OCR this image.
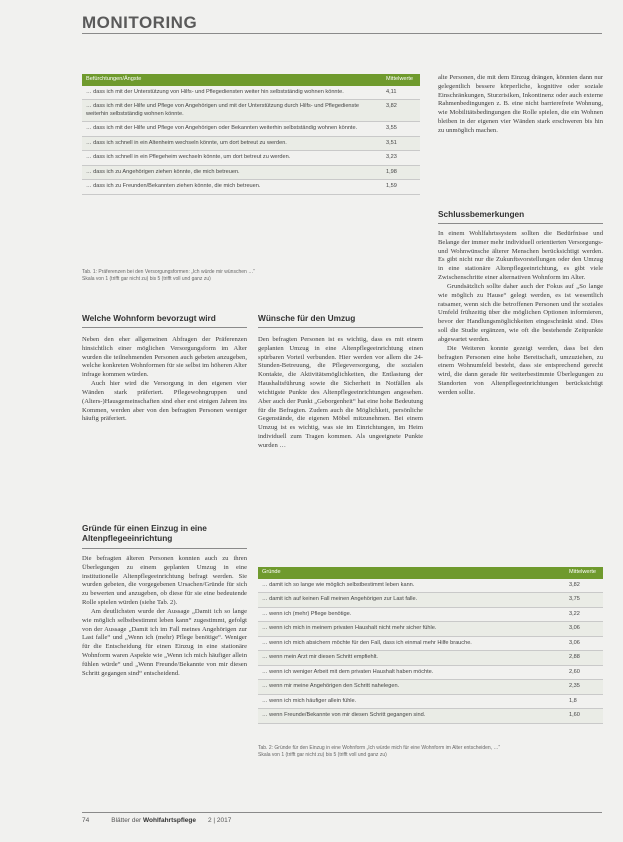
MONITORING
Befürchtungen/Ängste	Mittelwerte
… dass ich mit der Unterstützung von Hilfs- und Pflegediensten weiter hin selbstständig wohnen könnte.	4,11
… dass ich mit der Hilfe und Pflege von Angehörigen und mit der Unterstützung durch Hilfs- und Pflegedienste weiterhin selbstständig wohnen könnte.	3,82
… dass ich mit der Hilfe und Pflege von Angehörigen oder Bekannten weiterhin selbstständig wohnen könnte.	3,55
… dass ich schnell in ein Altenheim wechseln könnte, um dort betreut zu werden.	3,51
… dass ich schnell in ein Pflegeheim wechseln könnte, um dort betreut zu werden.	3,23
… dass ich zu Angehörigen ziehen könnte, die mich betreuen.	1,98
… dass ich zu Freunden/Bekannten ziehen könnte, die mich betreuen.	1,59
Tab. 1: Präferenzen bei den Versorgungsformen: „Ich würde mir wünschen …“
Skala von 1 (trifft gar nicht zu) bis 5 (trifft voll und ganz zu)
Welche Wohnform bevorzugt wird

Neben den eher allgemeinen Abfragen der Präferenzen hinsichtlich einer möglichen Versorgungsform im Alter wurden die teilnehmenden Personen auch gebeten anzugeben, welche konkreten Wohnformen für sie selbst im höheren Alter infrage kommen würden.

Auch hier wird die Versorgung in den eigenen vier Wänden stark präferiert. Pflegewohngruppen und (Alters-)Hausgemeinschaften sind eher erst einigen Jahren ins Kommen, werden aber von den befragten Personen weniger häufig präferiert.

Gründe für einen Einzug in eine Altenpflegeeinrichtung

Die befragten älteren Personen konnten auch zu ihren Überlegungen zu einem geplanten Umzug in eine institutionelle Altenpflegeeinrichtung befragt werden. Sie wurden gebeten, die vorgegebenen Ursachen/Gründe für sich zu bewerten und anzugeben, ob diese für sie eine bedeutende Rolle spielen würden (siehe Tab. 2).

Am deutlichsten wurde der Aussage „Damit ich so lange wie möglich selbstbestimmt leben kann“ zugestimmt, gefolgt von der Aussage „Damit ich im Fall meines Angehörigen zur Last falle“ und „Wenn ich (mehr) Pflege benötige“. Weniger für die Entscheidung für einen Einzug in eine stationäre Wohnform waren Aspekte wie „Wenn ich mich häufiger allein fühlen würde“ und „Wenn Freunde/Bekannte von mir diesen Schritt gegangen sind“ entscheidend.

Wünsche für den Umzug

Den befragten Personen ist es wichtig, dass es mit einem geplanten Umzug in eine Altenpflegeeinrichtung einen spürbaren Vorteil verbunden. Hier werden vor allem die 24-Stunden-Betreuung, die Pflegeversorgung, die sozialen Kontakte, die Aktivitätsmöglichkeiten, die Entlastung der Haushaltsführung sowie die Sicherheit in Notfällen als wichtigste Punkte des Altenpflegeeinrichtungen angesehen. Aber auch der Punkt „Geborgenheit“ hat eine hohe Bedeutung für die Befragten. Zudem auch die Möglichkeit, persönliche Gegenstände, die eigenen Möbel mitzunehmen. Bei einem Umzug ist es wichtig, was sie im Einrichtungen, im Heim individuell zum Tragen kommen. Als ungeeignete Punkte wurden …

alte Personen, die mit dem Einzug drängen, könnten dann nur gelegentlich bessere körperliche, kognitive oder soziale Einschränkungen, Sturzrisiken, Inkontinenz oder auch externe Rahmenbedingungen z. B. eine nicht barrierefreie Wohnung, wie Mobilitätsbedingungen die Rolle spielen, die ein Wohnen bleiben in der eigenen vier Wänden stark erschweren bis hin zu unmöglich machen.

Schlussbemerkungen

In einem Wohlfahrtssystem sollten die Bedürfnisse und Belange der immer mehr individuell orientierten Versorgungs- und Wohnwünsche älterer Menschen berücksichtigt werden. Es gibt nicht nur die Zukunftsvorstellungen oder den Umzug in eine stationäre Altenpflegeeinrichtung, es gibt viele Zwischenschritte einer alternativen Wohnform im Alter.

Grundsätzlich sollte daher auch der Fokus auf „So lange wie möglich zu Hause“ gelegt werden, es ist wesentlich ratsamer, wenn sich die betroffenen Personen und ihr soziales Umfeld frühzeitig über die möglichen Optionen informieren, bevor der Handlungsmöglichkeiten eingeschränkt sind. Dies soll die Studie ergänzen, wie oft die bestehende Zeitpunkte abgewartet werden.

Die Weiteren konnte gezeigt werden, dass bei den befragten Personen eine hohe Bereitschaft, umzuziehen, zu einem Wohnumfeld besteht, dass sie entsprechend gerecht wird, die dann gerade für weiterbestimmte Überlegungen zu Standorten von Altenpflegeeinrichtungen berücksichtigt werden sollte.

Gründe	Mittelwerte
… damit ich so lange wie möglich selbstbestimmt leben kann.	3,82
… damit ich auf keinen Fall meinen Angehörigen zur Last falle.	3,75
… wenn ich (mehr) Pflege benötige.	3,22
… wenn ich mich in meinem privaten Haushalt nicht mehr sicher fühle.	3,06
… wenn ich mich absichern möchte für den Fall, dass ich einmal mehr Hilfe brauche.	3,06
… wenn mein Arzt mir diesen Schritt empfiehlt.	2,88
… wenn ich weniger Arbeit mit dem privaten Haushalt haben möchte.	2,60
… wenn mir meine Angehörigen den Schritt nahelegen.	2,35
… wenn ich mich häufiger allein fühle.	1,8
… wenn Freunde/Bekannte von mir diesen Schritt gegangen sind.	1,60
Tab. 2: Gründe für den Einzug in eine Wohnform „Ich würde mich für eine Wohnform im Alter entscheiden, …“
Skala von 1 (trifft gar nicht zu) bis 5 (trifft voll und ganz zu)
74	Blätter der Wohlfahrtspflege 2 | 2017
